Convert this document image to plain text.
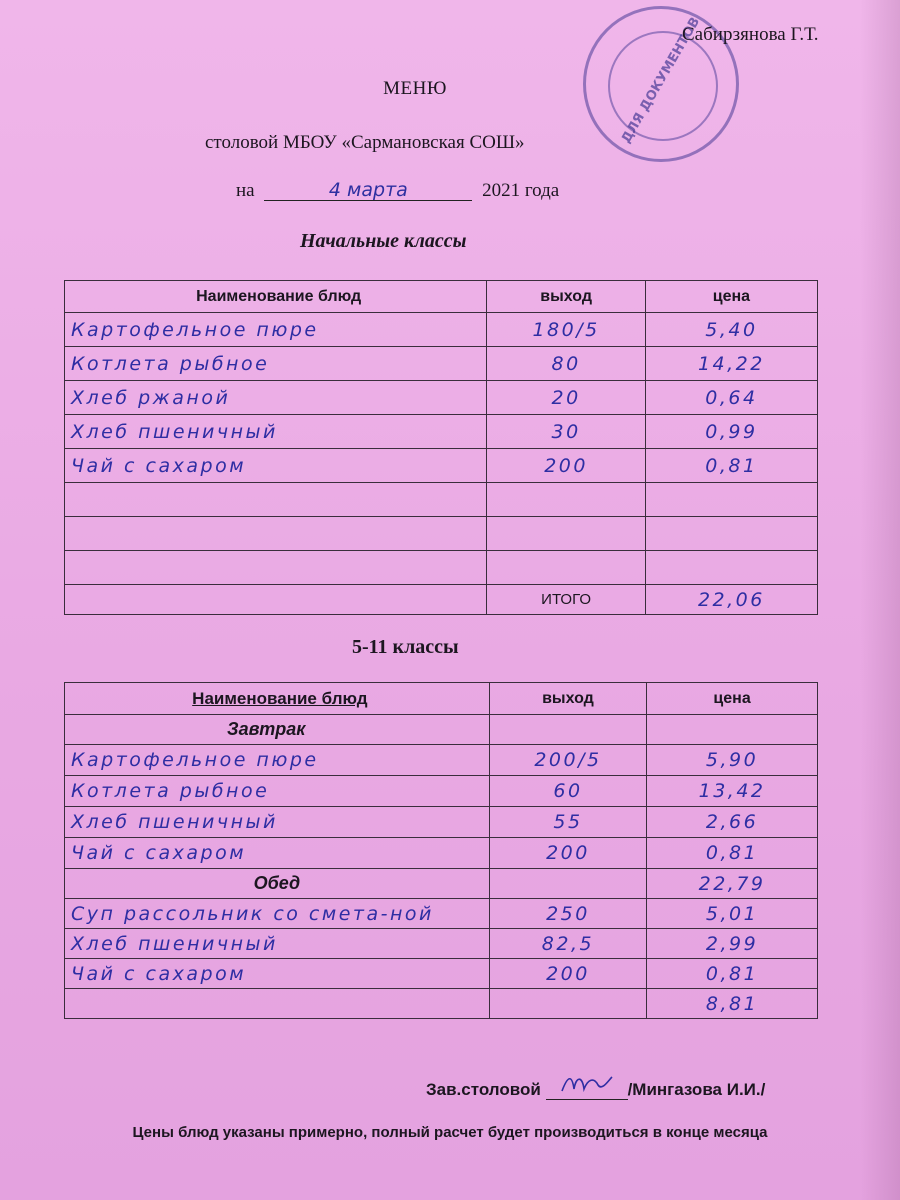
ДЛЯ ДОКУМЕНТОВ
Сабирзянова Г.Т.
МЕНЮ
столовой МБОУ «Сармановская СОШ»
на	4 марта	2021 года
Начальные классы
Наименование блюд	выход	цена
Картофельное пюре	180/5	5,40
Котлета рыбное	80	14,22
Хлеб ржаной	20	0,64
Хлеб пшеничный	30	0,99
Чай с сахаром	200	0,81

	ИТОГО	22,06
5-11 классы
Наименование блюд	выход	цена
Завтрак		
Картофельное пюре	200/5	5,90
Котлета рыбное	60	13,42
Хлеб пшеничный	55	2,66
Чай с сахаром	200	0,81
Обед		22,79
Суп рассольник со смета-ной	250	5,01
Хлеб пшеничный	82,5	2,99
Чай с сахаром	200	0,81
		8,81
Зав.столовой	/Мингазова И.И./
Цены блюд указаны примерно, полный расчет будет производиться в конце месяца
